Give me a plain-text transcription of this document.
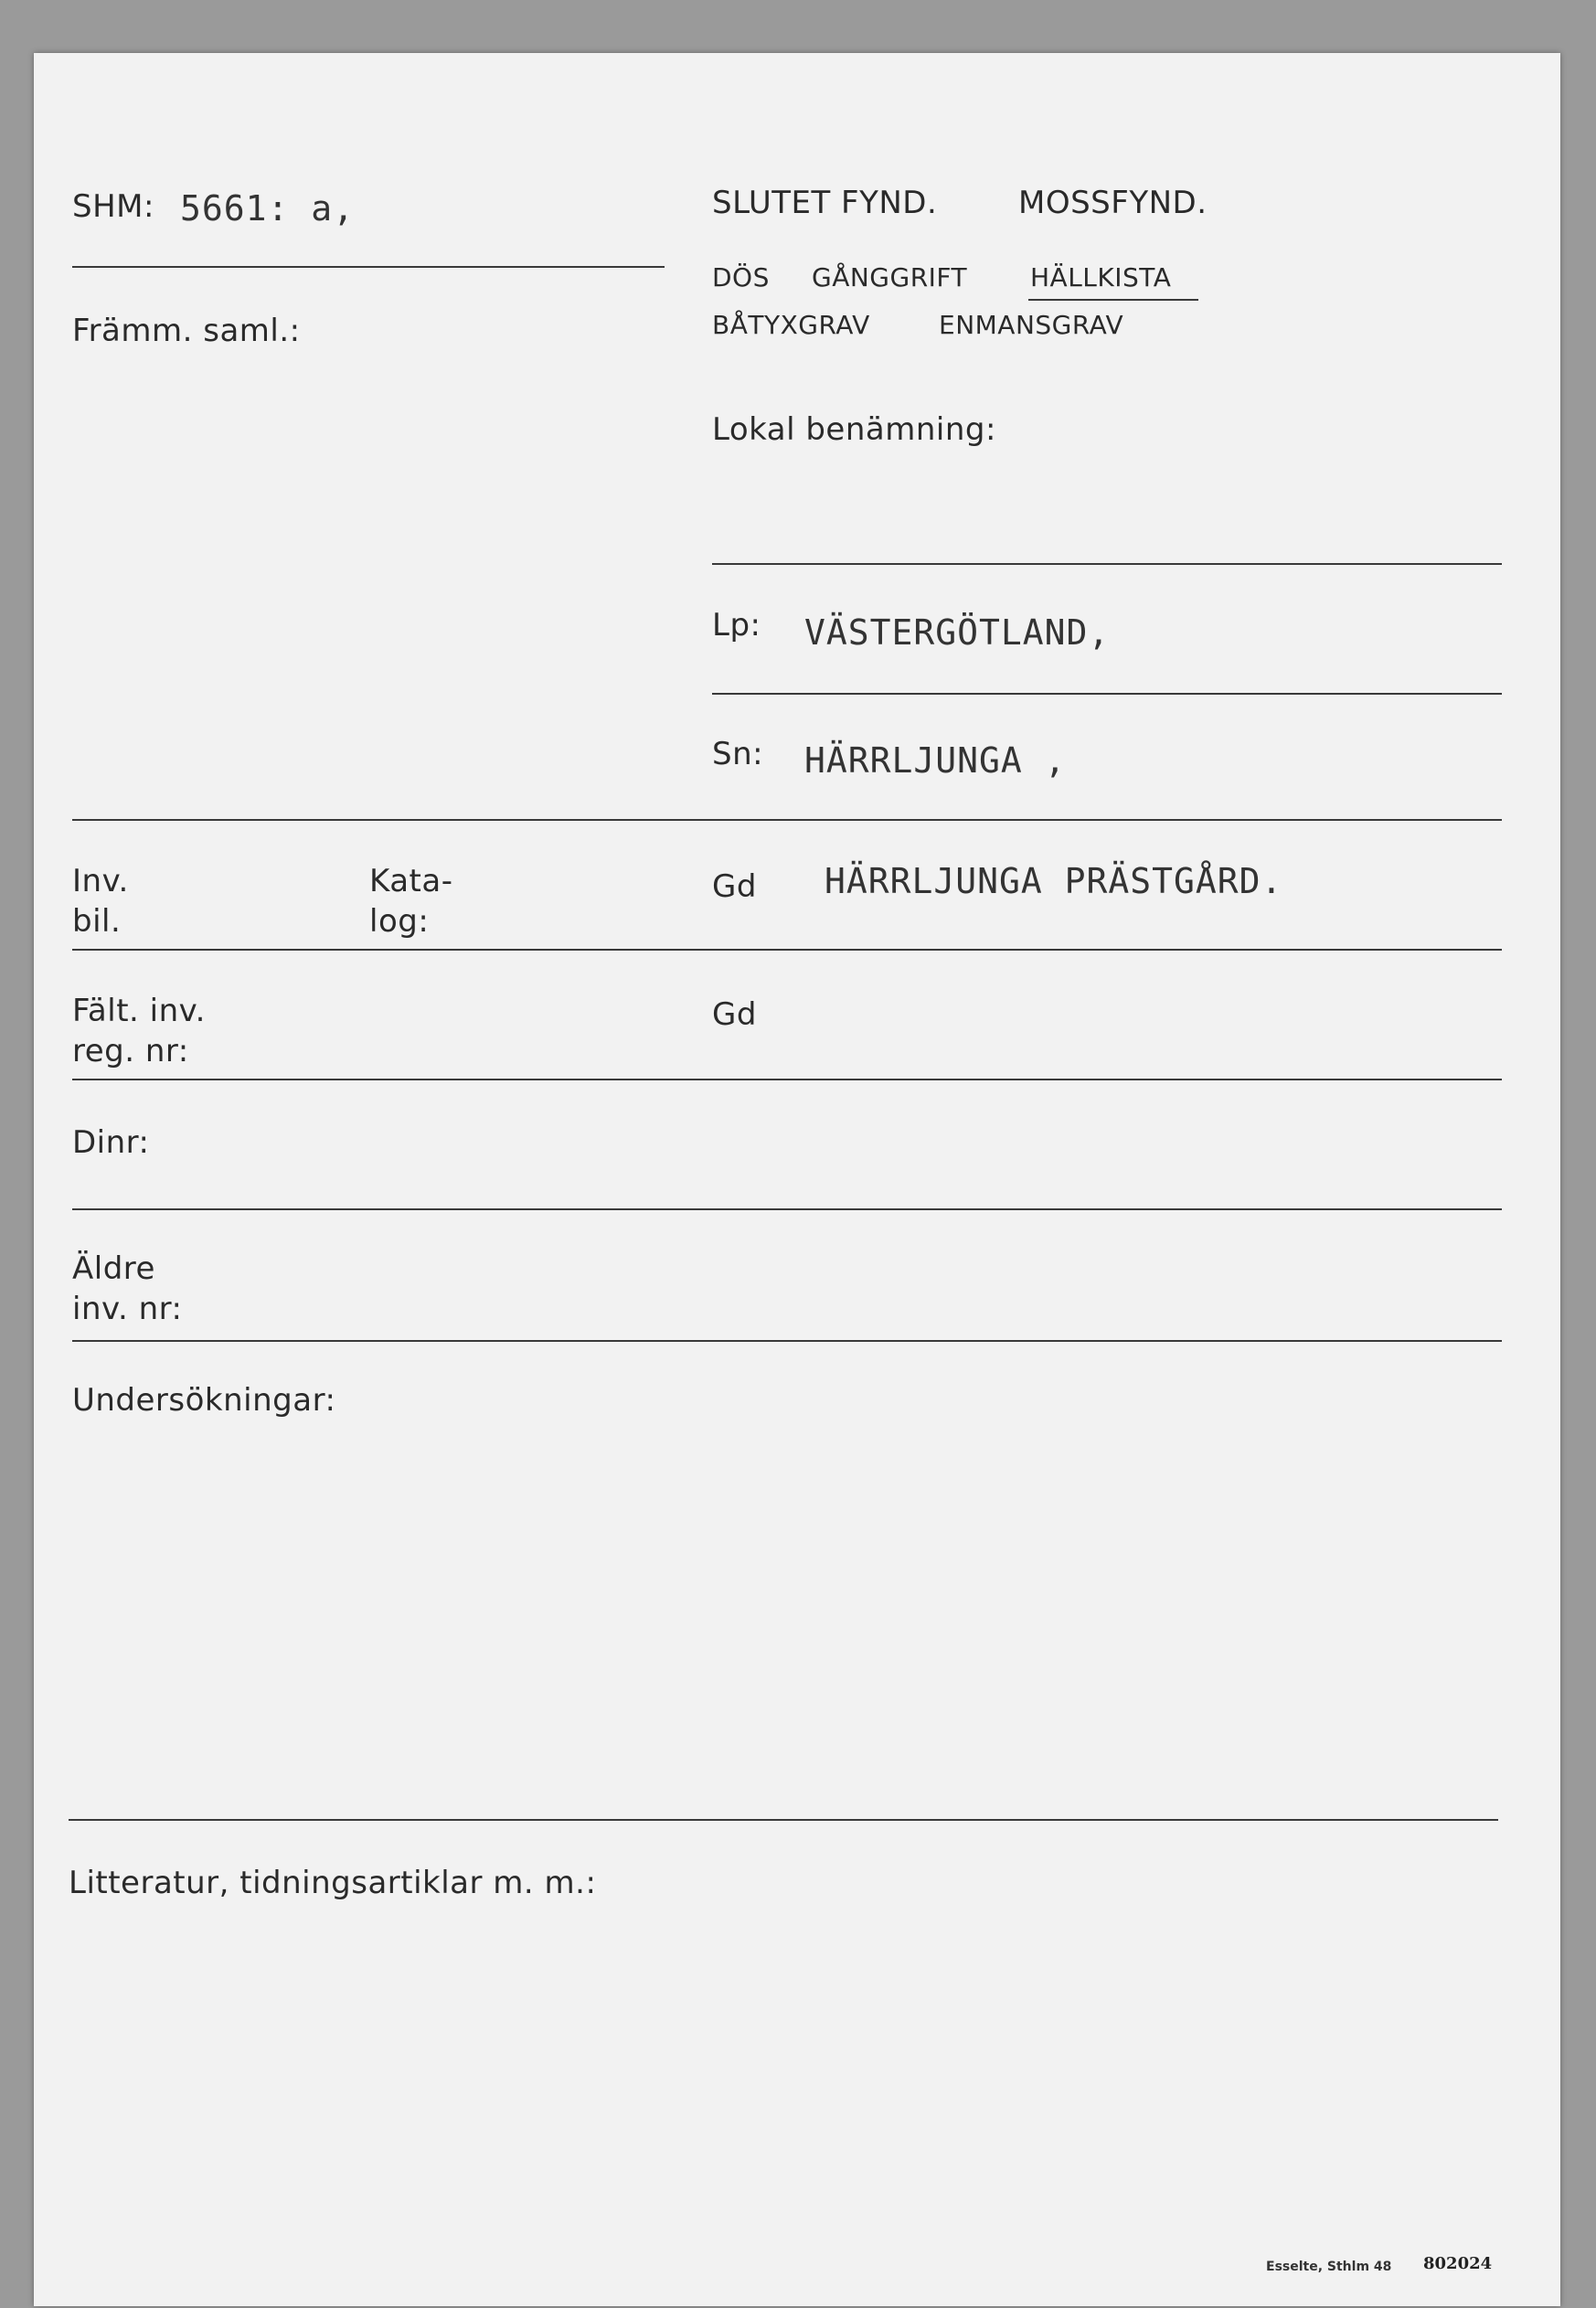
SHM: 5661: a,
Främm. saml.:
SLUTET FYND.	MOSSFYND.
DÖS GÅNGGRIFT HÄLLKISTA
BÅTYXGRAV	ENMANSGRAV
Lokal benämning:
Lp: VÄSTERGÖTLAND,
Sn: HÄRRLJUNGA ,
Inv.
bil.
Kata-
log:
Gd HÄRRLJUNGA PRÄSTGÅRD.
Fält. inv.
reg. nr:
Gd
Dinr:
Äldre
inv. nr:
Undersökningar:
Litteratur, tidningsartiklar m. m.:
Esselte, Sthlm 48 802024
